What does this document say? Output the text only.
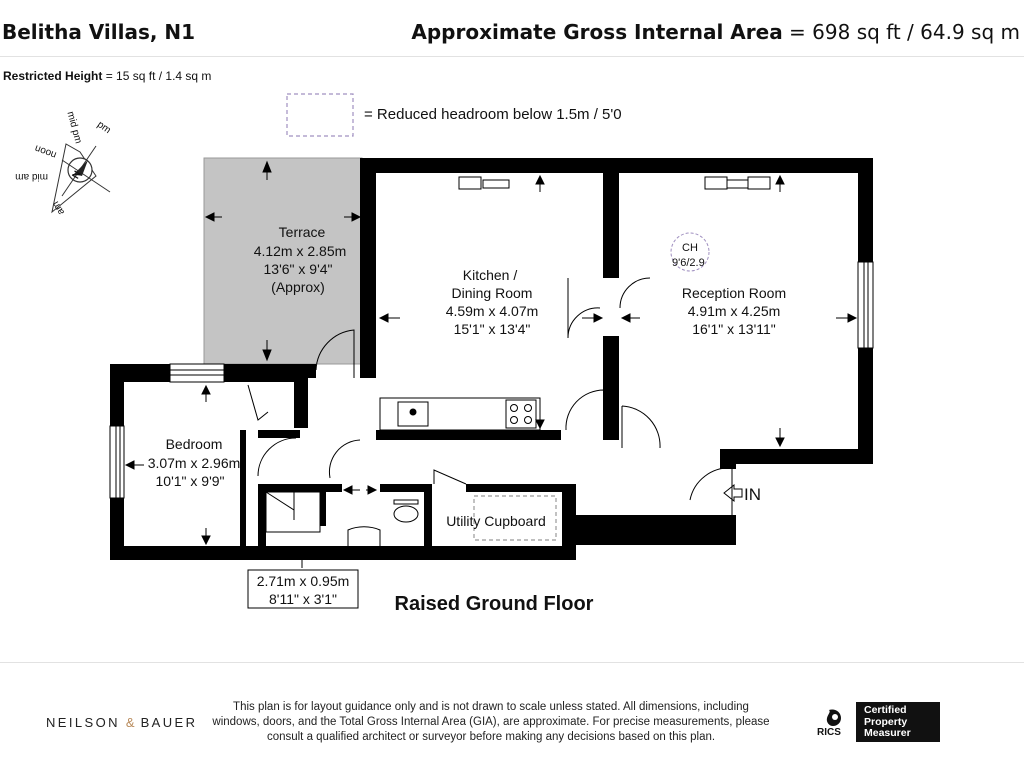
Belitha Villas, N1	Approximate Gross Internal Area = 698 sq ft / 64.9 sq m
Restricted Height = 15 sq ft / 1.4 sq m
= Reduced headroom below 1.5m / 5'0
N
mid pm pm
noon
mid am
am
CH
9'6/2.9
IN
Terrace
4.12m x 2.85m
13'6" x 9'4"
(Approx)
Kitchen /
Dining Room
4.59m x 4.07m
15'1" x 13'4"
Reception Room
4.91m x 4.25m
16'1" x 13'11"
Bedroom
3.07m x 2.96m
10'1" x 9'9"
Utility Cupboard
2.71m x 0.95m
8'11" x 3'1"	Raised Ground Floor
NEILSON & BAUER
This plan is for layout guidance only and is not drawn to scale unless stated. All dimensions, including windows, doors, and the Total Gross Internal Area (GIA), are approximate. For precise measurements, please consult a qualified architect or surveyor before making any decisions based on this plan.	RICS
Certified
Property
Measurer
